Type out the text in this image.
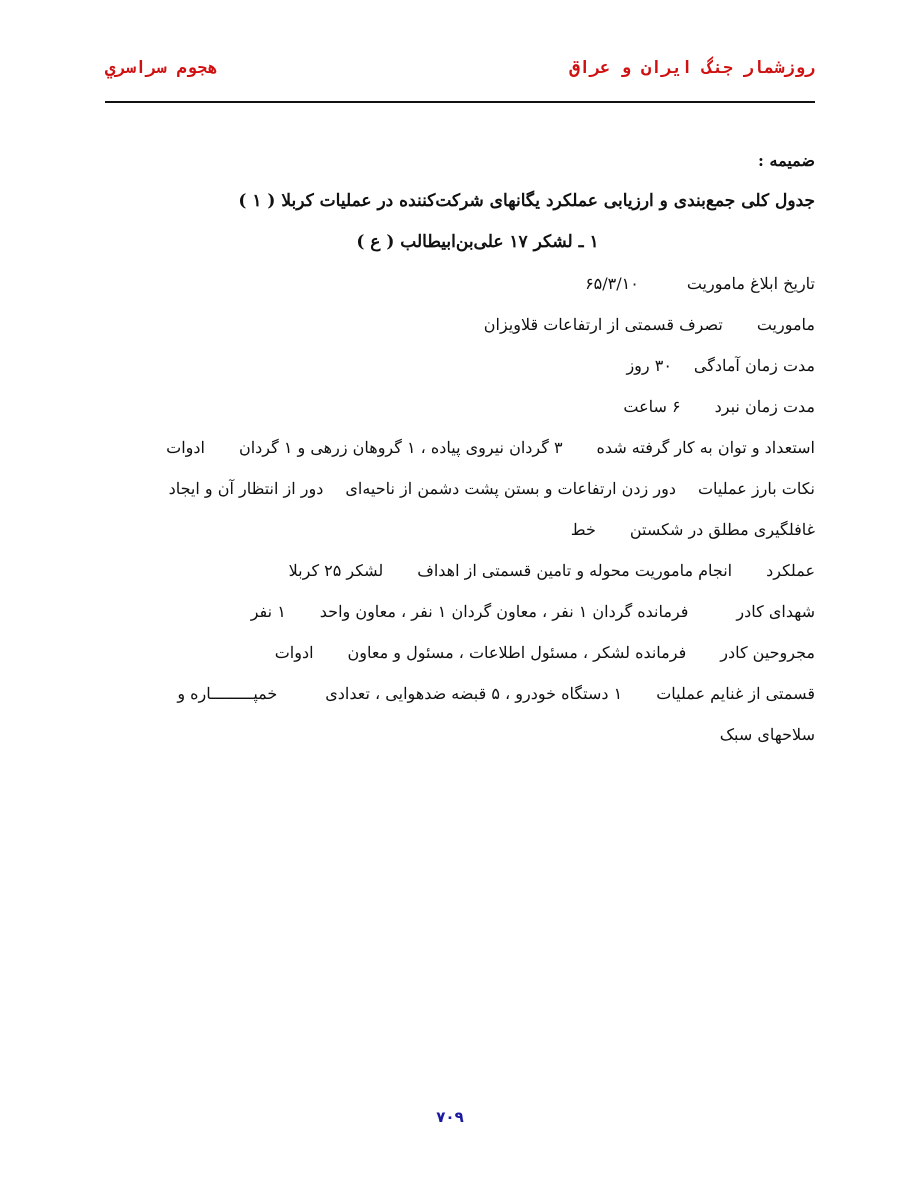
روزشمار جنگ ايران و عراق
هجوم سراسري
ضمیمه :
جدول کلی جمع‌بندی و ارزیابی عملکرد یگانهای شرکت‌کننده در عملیات کربلا ( ۱ )
۱ ـ لشکر ۱۷ علی‌بن‌ابیطالب ( ع )
تاریخ ابلاغ ماموریت۶۵/۳/۱۰
ماموریتتصرف قسمتی از ارتفاعات قلاویزان
مدت زمان آمادگی۳۰ روز
مدت زمان نبرد۶ ساعت
استعداد و توان به کار گرفته شده۳ گردان نیروی پیاده ، ۱ گروهان زرهی و ۱ گردانادوات
نکات بارز عملیاتدور زدن ارتفاعات و بستن پشت دشمن از ناحیه‌ایدور از انتظار آن و ایجاد
غافلگیری مطلق در شکستنخط
عملکردانجام ماموریت محوله و تامین قسمتی از اهدافلشکر ۲۵ کربلا
شهدای کادرفرمانده گردان ۱ نفر ، معاون گردان ۱ نفر ، معاون واحد۱ نفر
مجروحین کادرفرمانده لشکر ، مسئول اطلاعات ، مسئول و معاونادوات
قسمتی از غنایم عملیات۱ دستگاه خودرو ، ۵ قبضه ضدهوایی ، تعدادیخمپـــــــــاره و
سلاحهای سبک
۷۰۹
